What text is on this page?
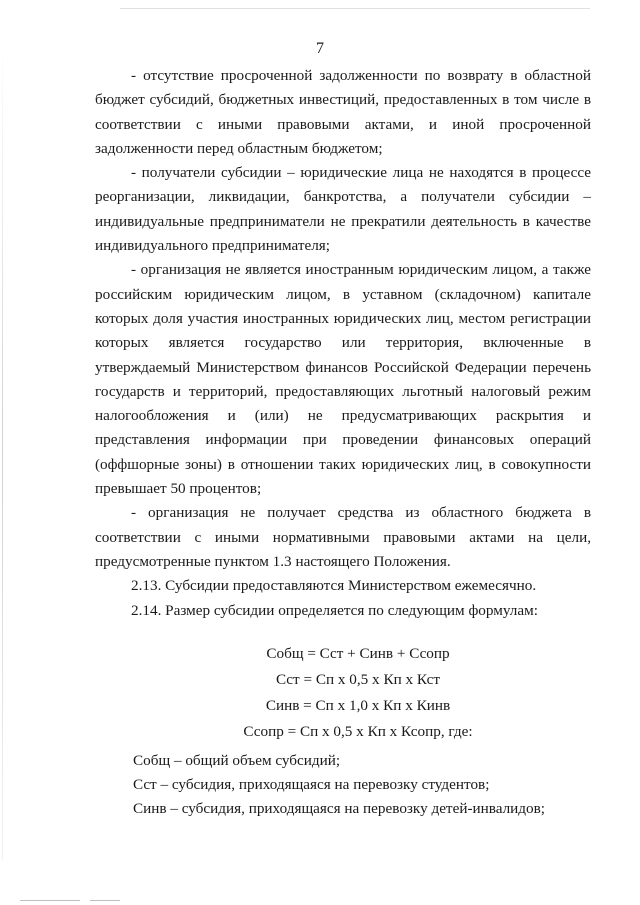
7

- отсутствие просроченной задолженности по возврату в областной бюджет субсидий, бюджетных инвестиций, предоставленных в том числе в соответствии с иными правовыми актами, и иной просроченной задолженности перед областным бюджетом;

- получатели субсидии – юридические лица не находятся в процессе реорганизации, ликвидации, банкротства, а получатели субсидии – индивидуальные предприниматели не прекратили деятельность в качестве индивидуального предпринимателя;

- организация не является иностранным юридическим лицом, а также российским юридическим лицом, в уставном (складочном) капитале которых доля участия иностранных юридических лиц, местом регистрации которых является государство или территория, включенные в утверждаемый Министерством финансов Российской Федерации перечень государств и территорий, предоставляющих льготный налоговый режим налогообложения и (или) не предусматривающих раскрытия и представления информации при проведении финансовых операций (оффшорные зоны) в отношении таких юридических лиц, в совокупности превышает 50 процентов;

- организация не получает средства из областного бюджета в соответствии с иными нормативными правовыми актами на цели, предусмотренные пунктом 1.3 настоящего Положения.

2.13. Субсидии предоставляются Министерством ежемесячно.

2.14. Размер субсидии определяется по следующим формулам:

Собщ = Сст + Синв + Ссопр
Сст = Сп х 0,5 х Кп х Кст
Синв = Сп х 1,0 х Кп х Кинв
Ссопр = Сп х 0,5 х Кп х Ксопр, где:

Собщ – общий объем субсидий;

Сст – субсидия, приходящаяся на перевозку студентов;

Синв – субсидия, приходящаяся на перевозку детей-инвалидов;
